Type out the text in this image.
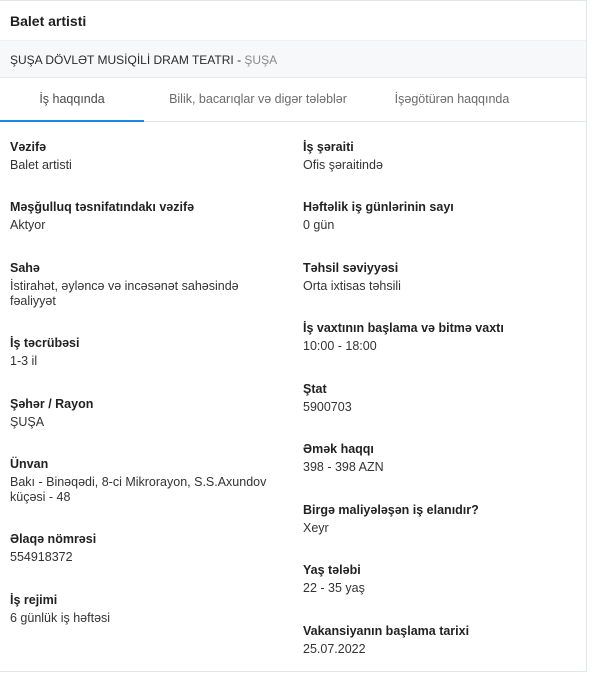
Balet artisti
ŞUŞA DÖVLƏT MUSİQİLİ DRAM TEATRI - ŞUŞA
İş haqqında	Bilik, bacarıqlar və digər tələblər	İşəgötürən haqqında
Vəzifə
Balet artisti
Məşğulluq təsnifatındakı vəzifə
Aktyor
Sahə
İstirahət, əyləncə və incəsənət sahəsində fəaliyyət
İş təcrübəsi
1-3 il
Şəhər / Rayon
ŞUŞA
Ünvan
Bakı - Binəqədi, 8-ci Mikrorayon, S.S.Axundov küçəsi - 48
Əlaqə nömrəsi
554918372
İş rejimi
6 günlük iş həftəsi
İş şəraiti
Ofis şəraitində
Həftəlik iş günlərinin sayı
0 gün
Təhsil səviyyəsi
Orta ixtisas təhsili
İş vaxtının başlama və bitmə vaxtı
10:00 - 18:00
Ştat
5900703
Əmək haqqı
398 - 398 AZN
Birgə maliyələşən iş elanıdır?
Xeyr
Yaş tələbi
22 - 35 yaş
Vakansiyanın başlama tarixi
25.07.2022
